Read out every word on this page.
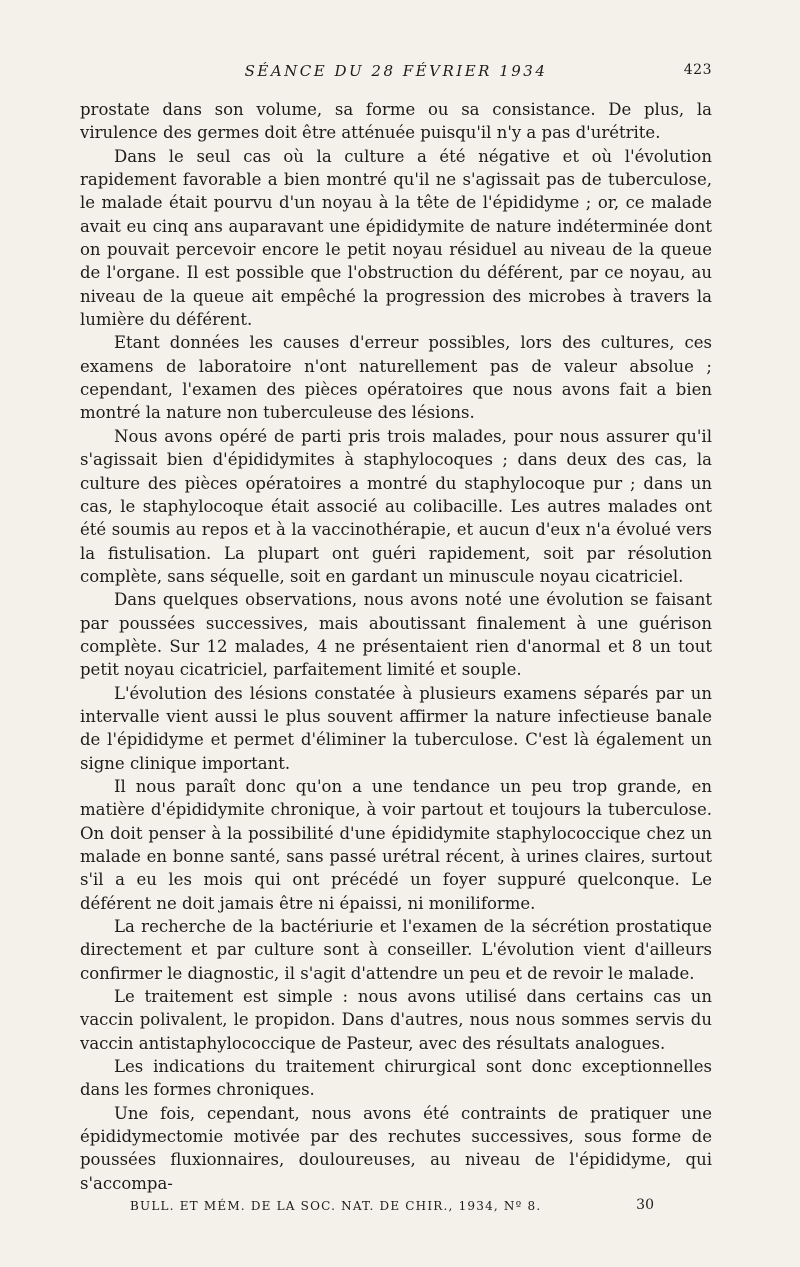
SÉANCE DU 28 FÉVRIER 1934	423

prostate dans son volume, sa forme ou sa consistance. De plus, la virulence des germes doit être atténuée puisqu'il n'y a pas d'urétrite.

Dans le seul cas où la culture a été négative et où l'évolution rapidement favorable a bien montré qu'il ne s'agissait pas de tuberculose, le malade était pourvu d'un noyau à la tête de l'épididyme ; or, ce malade avait eu cinq ans auparavant une épididymite de nature indéterminée dont on pouvait percevoir encore le petit noyau résiduel au niveau de la queue de l'organe. Il est possible que l'obstruction du déférent, par ce noyau, au niveau de la queue ait empêché la progression des microbes à travers la lumière du déférent.

Etant données les causes d'erreur possibles, lors des cultures, ces examens de laboratoire n'ont naturellement pas de valeur absolue ; cependant, l'examen des pièces opératoires que nous avons fait a bien montré la nature non tuberculeuse des lésions.

Nous avons opéré de parti pris trois malades, pour nous assurer qu'il s'agissait bien d'épididymites à staphylocoques ; dans deux des cas, la culture des pièces opératoires a montré du staphylocoque pur ; dans un cas, le staphylocoque était associé au colibacille. Les autres malades ont été soumis au repos et à la vaccinothérapie, et aucun d'eux n'a évolué vers la fistulisation. La plupart ont guéri rapidement, soit par résolution complète, sans séquelle, soit en gardant un minuscule noyau cicatriciel.

Dans quelques observations, nous avons noté une évolution se faisant par poussées successives, mais aboutissant finalement à une guérison complète. Sur 12 malades, 4 ne présentaient rien d'anormal et 8 un tout petit noyau cicatriciel, parfaitement limité et souple.

L'évolution des lésions constatée à plusieurs examens séparés par un intervalle vient aussi le plus souvent affirmer la nature infectieuse banale de l'épididyme et permet d'éliminer la tuberculose. C'est là également un signe clinique important.

Il nous paraît donc qu'on a une tendance un peu trop grande, en matière d'épididymite chronique, à voir partout et toujours la tuberculose. On doit penser à la possibilité d'une épididymite staphylococcique chez un malade en bonne santé, sans passé urétral récent, à urines claires, surtout s'il a eu les mois qui ont précédé un foyer suppuré quelconque. Le déférent ne doit jamais être ni épaissi, ni moniliforme.

La recherche de la bactériurie et l'examen de la sécrétion prostatique directement et par culture sont à conseiller. L'évolution vient d'ailleurs confirmer le diagnostic, il s'agit d'attendre un peu et de revoir le malade.

Le traitement est simple : nous avons utilisé dans certains cas un vaccin polivalent, le propidon. Dans d'autres, nous nous sommes servis du vaccin antistaphylococcique de Pasteur, avec des résultats analogues.

Les indications du traitement chirurgical sont donc exceptionnelles dans les formes chroniques.

Une fois, cependant, nous avons été contraints de pratiquer une épididymectomie motivée par des rechutes successives, sous forme de poussées fluxionnaires, douloureuses, au niveau de l'épididyme, qui s'accompa-

BULL. ET MÉM. DE LA SOC. NAT. DE CHIR., 1934, Nº 8.	30
